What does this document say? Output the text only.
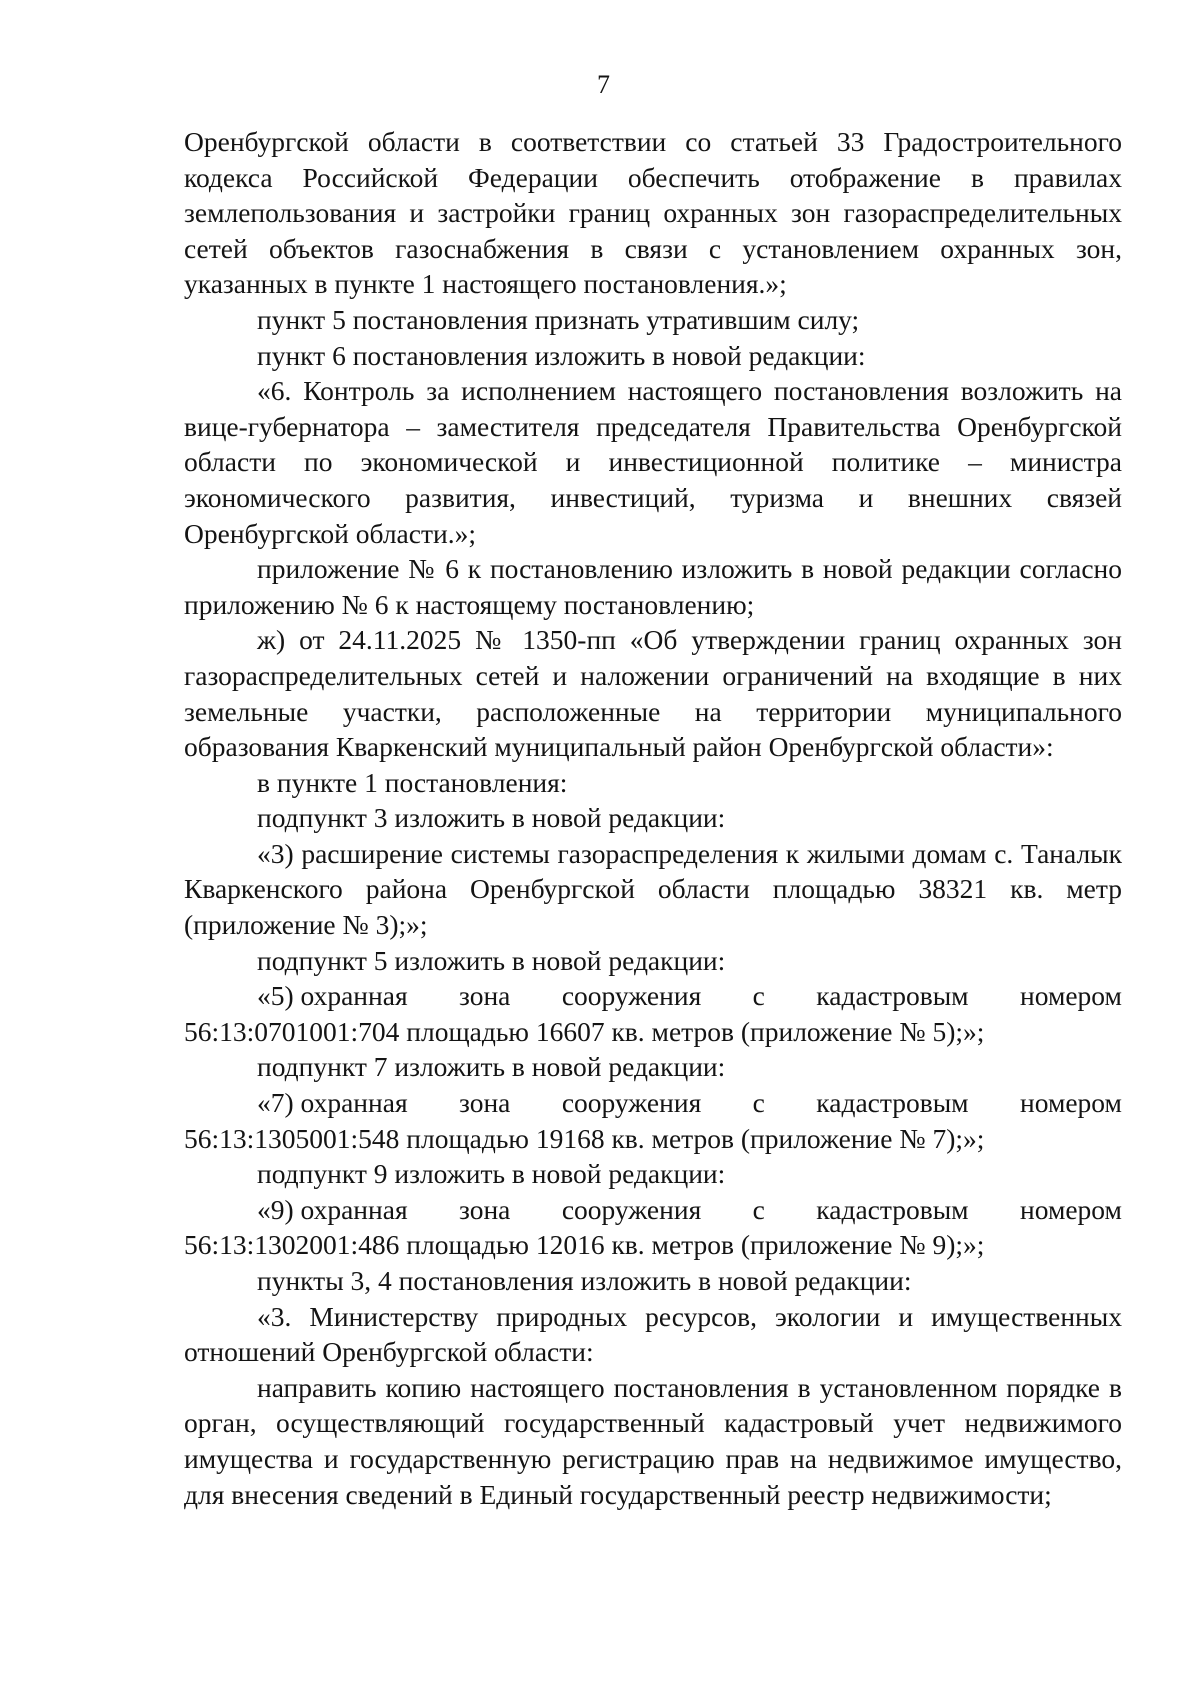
7

Оренбургской области в соответствии со статьей 33 Градостроительного кодекса Российской Федерации обеспечить отображение в правилах землепользования и застройки границ охранных зон газораспределительных сетей объектов газоснабжения в связи с установлением охранных зон, указанных в пункте 1 настоящего постановления.»;

пункт 5 постановления признать утратившим силу;

пункт 6 постановления изложить в новой редакции:

«6. Контроль за исполнением настоящего постановления возложить на вице-губернатора – заместителя председателя Правительства Оренбургской области по экономической и инвестиционной политике – министра экономического развития, инвестиций, туризма и внешних связей Оренбургской области.»;

приложение № 6 к постановлению изложить в новой редакции согласно приложению № 6 к настоящему постановлению;

ж) от 24.11.2025 № 1350-пп «Об утверждении границ охранных зон газораспределительных сетей и наложении ограничений на входящие в них земельные участки, расположенные на территории муниципального образования Кваркенский муниципальный район Оренбургской области»:

в пункте 1 постановления:

подпункт 3 изложить в новой редакции:

«3) расширение системы газораспределения к жилыми домам с. Таналык Кваркенского района Оренбургской области площадью 38321 кв. метр (приложение № 3);»;

подпункт 5 изложить в новой редакции:

«5) охранная зона сооружения с кадастровым номером
56:13:0701001:704 площадью 16607 кв. метров (приложение № 5);»;

подпункт 7 изложить в новой редакции:

«7) охранная зона сооружения с кадастровым номером
56:13:1305001:548 площадью 19168 кв. метров (приложение № 7);»;

подпункт 9 изложить в новой редакции:

«9) охранная зона сооружения с кадастровым номером
56:13:1302001:486 площадью 12016 кв. метров (приложение № 9);»;

пункты 3, 4 постановления изложить в новой редакции:

«3. Министерству природных ресурсов, экологии и имущественных отношений Оренбургской области:

направить копию настоящего постановления в установленном порядке в орган, осуществляющий государственный кадастровый учет недвижимого имущества и государственную регистрацию прав на недвижимое имущество, для внесения сведений в Единый государственный реестр недвижимости;
